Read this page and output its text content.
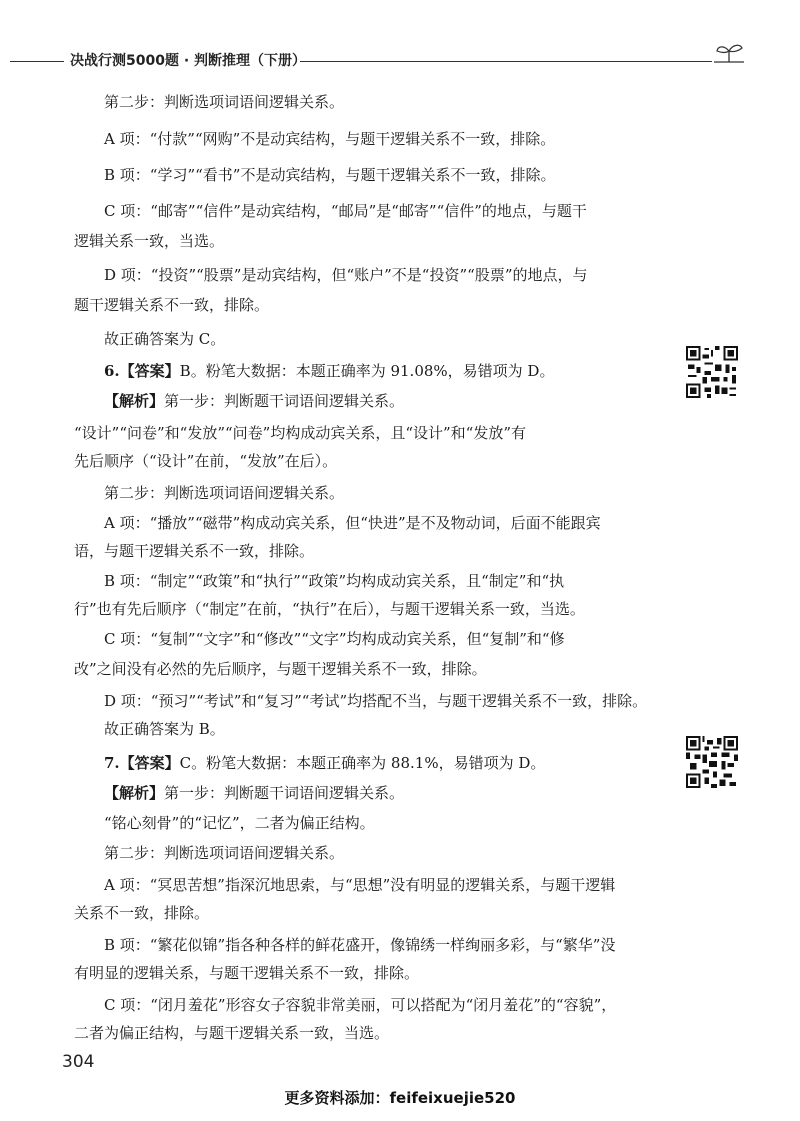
决战行测5000题 · 判断推理（下册）
第二步：判断选项词语间逻辑关系。
A 项：“付款”“网购”不是动宾结构，与题干逻辑关系不一致，排除。
B 项：“学习”“看书”不是动宾结构，与题干逻辑关系不一致，排除。
C 项：“邮寄”“信件”是动宾结构，“邮局”是“邮寄”“信件”的地点，与题干
逻辑关系一致，当选。
D 项：“投资”“股票”是动宾结构，但“账户”不是“投资”“股票”的地点，与
题干逻辑关系不一致，排除。
故正确答案为 C。
6.【答案】B。粉笔大数据：本题正确率为 91.08%，易错项为 D。
【解析】第一步：判断题干词语间逻辑关系。
“设计”“问卷”和“发放”“问卷”均构成动宾关系，且“设计”和“发放”有
先后顺序（“设计”在前，“发放”在后）。
第二步：判断选项词语间逻辑关系。
A 项：“播放”“磁带”构成动宾关系，但“快进”是不及物动词，后面不能跟宾
语，与题干逻辑关系不一致，排除。
B 项：“制定”“政策”和“执行”“政策”均构成动宾关系，且“制定”和“执
行”也有先后顺序（“制定”在前，“执行”在后），与题干逻辑关系一致，当选。
C 项：“复制”“文字”和“修改”“文字”均构成动宾关系，但“复制”和“修
改”之间没有必然的先后顺序，与题干逻辑关系不一致，排除。
D 项：“预习”“考试”和“复习”“考试”均搭配不当，与题干逻辑关系不一致，排除。
故正确答案为 B。
7.【答案】C。粉笔大数据：本题正确率为 88.1%，易错项为 D。
【解析】第一步：判断题干词语间逻辑关系。
“铭心刻骨”的“记忆”，二者为偏正结构。
第二步：判断选项词语间逻辑关系。
A 项：“冥思苦想”指深沉地思索，与“思想”没有明显的逻辑关系，与题干逻辑
关系不一致，排除。
B 项：“繁花似锦”指各种各样的鲜花盛开，像锦绣一样绚丽多彩，与“繁华”没
有明显的逻辑关系，与题干逻辑关系不一致，排除。
C 项：“闭月羞花”形容女子容貌非常美丽，可以搭配为“闭月羞花”的“容貌”，
二者为偏正结构，与题干逻辑关系一致，当选。
304
更多资料添加：feifeixuejie520
